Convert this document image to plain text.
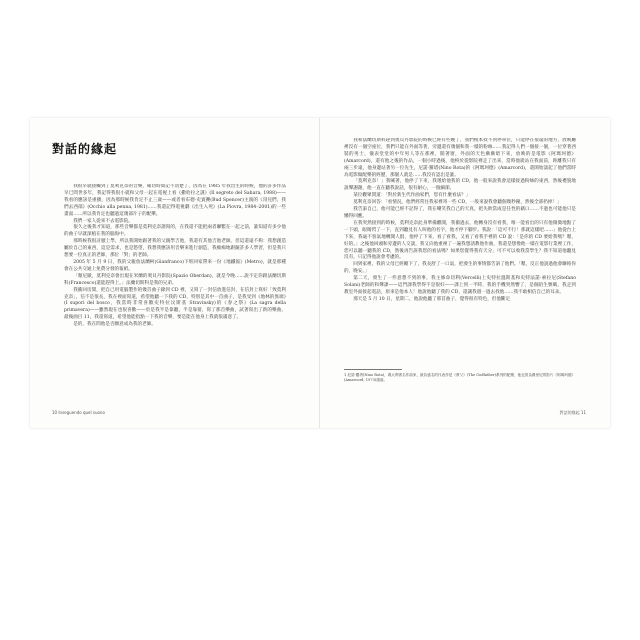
對話的緣起

我很早就接觸到了莫利克奈的音樂，確切時間記不清楚了，因為在 1985 年我出生的時候，他的許多作品早已問世多年，我記得我很小就和父母一起在電視上看《撒哈拉之謎》(Il segreto del Sahara, 1988)——我看的應該是重播，因為那時候我肯定不止三歲——或者看布德·史賓賽(Bud Spencer)主演的《哥兒們，我們去西部》(Occhio alla penna, 1981)……我還記得電視劇《出生入死》(La Piovra, 1984–2001)的一些畫面……所以我肯定也聽過這幾部片子的配樂。

我們一家人從來不去電影院。

很久之後我才知道，那些音樂都是莫利克奈譜寫的，在我還不能把兩者聯繫在一起之前，誰知道有多少他的曲子早就深植在我的腦海中。

那時候我很討厭上學，所以我開始跟著我的父親學吉他，我還有其他吉他老師，但這還遠不夠：我想創造屬於自己的東西，這是需求，也是慾望，我想我應該用音樂來進行創造，我痴痴地跟隨許多人學習，但是我只想要一位真正的老師，那位「對」的老師。

2005 年 5 月 9 日，我的父親詹法蘭柯(Gianfranco)下班回家帶來一份《地鐵報》(Metro)，就是那種會在公共交通上免費分發的報紙。

「顏尼歐，莫利克奈會出現在米蘭的奧貝丹影院(Spazio Oberdan)，就是今晚……說不定你跟法蘭切斯科(Francesco)還能趕得上。」法蘭切斯科是我的兄弟。

我衝回房間，把自己用電腦製作的幾首曲子錄到 CD 裡，又寫了一封信放進信封，在信封上寫好「致莫利克奈」，信不是很長，我在裡面寫道，希望他聽一下我的 CD，特別是其中一首曲子，是我受到《地林的異端》(I supori del bosco，我當時非常喜歡史特拉汶斯基 Stravinsky)的《春之祭》(La sagra della primavera)——雖然現在也很喜歡——於是我半是靠聽，半是靠猜，寫了那首樂曲，試著寫出了新的樂曲。最後曲目 11，我還寫道，希望他能指點一下我的音樂，要是能在他身上我就很滿意了。

是的，我在問他是否願意成為我的老師。

10 Inseguendo quel suono

我和法蘭切斯科趕到奧貝丹影院的時候已經有些晚了，我們根本找不到停車位，只能停在很遠的地方，放映廳裡沒有一個空座位，我們只能在外面等著，旁邊還有幾個和我一樣的粉絲……我記得人們一個接一個，一位穿著西裝的男士，儀表堂堂的中年男人等在那裡，開著窗，外面的天色漸漸暗下來，放映的是電影《阿瑪珂德》(Amarcord)，還有他之後的作品，一個小時過後，他終於從影院裡走了出來，當時他就站在我面前，距離我只有兩三步遠，他身邊站著另一位先生，尼諾·羅塔(Nino Rota)的《阿瑪珂德》(Amarcord)，還開始談起了他們當時為電影做配樂的經歷，那個人就是……我沒有認出是誰。

「莫利克奈！」我喊著，他停了下來，我遞給他我的 CD，他一般來說我會這樣接過粉絲的東西，然後禮貌地說聲謝謝，他一直在聽我說話，很有耐心，一個細節。

某位觀眾問道：「對於新生代作曲家們，您有什麼看法？」

莫利克奈回答：「看情況，他們經常往我家裡寄一些 CD，一般來說我會聽個幾秒鐘，然後全部扔掉！」

我告訴自己，他可能已經不記得了，我在嘲笑我自己的天真，把失敗當成是任性的藉口……不過也可能他只是懶得回應。

在我突然接到的時候，莫利克奈此身準備離開，我衝過去，他轉身沒有看我，唯一能看出的只有他微微地點了一下頭，眼睛閃了一下，直到聽見有人叫他的名字，他才停下腳步。我說：「這可不行！那就這樣吧……」他從台上下來，我毫不客氣地轉開人群，他停了下來，看了看我，又看了看我手裡的 CD 說：「是你的 CD 要給我嗎？嗯，好的。」之後他回頭和旁邊的人交談，我又向他重複了一遍我想請教他作曲，我還是想像他一樣在電影行業裡工作，您可以聽一聽我的 CD，然後再告訴我您的看法嗎？如果您覺得我有天分，可不可以收我當學生？我不知道他聽見沒有，只記得他說會考慮的。

回到家裡，我的父母已經睡下了，我長舒了一口氣，把發生的事情都告訴了他們。「嗯，反正他說過他會聯絡你的，晚安。」

第二天，發生了一件意想不到的事，我主修韋切利(Vercelli)上史特拉溫斯基和史特法諾·索拉尼(Stefano Solani)老師的和聲課——這門課我學得不是很好——課上到一半時，我的手機突然響了，是個陌生號碼，我走到教室外面接起電話，原來是他本人！他說他聽了我的 CD，還讓我週一過去找他……我不敢相信自己的耳朵。

那天是 5 月 10 日，星期二，他說他聽了那首曲子，覺得很有特色，但他斷定

1 尼諾·羅塔(Nino Rota)，義大利著名作曲家，最負盛名的代表作是《教父》(The Godfather)系列的配樂，他也曾為費里尼的影片《阿瑪珂德》(Amarcord, 1973)譜曲。
對話的緣起 11
